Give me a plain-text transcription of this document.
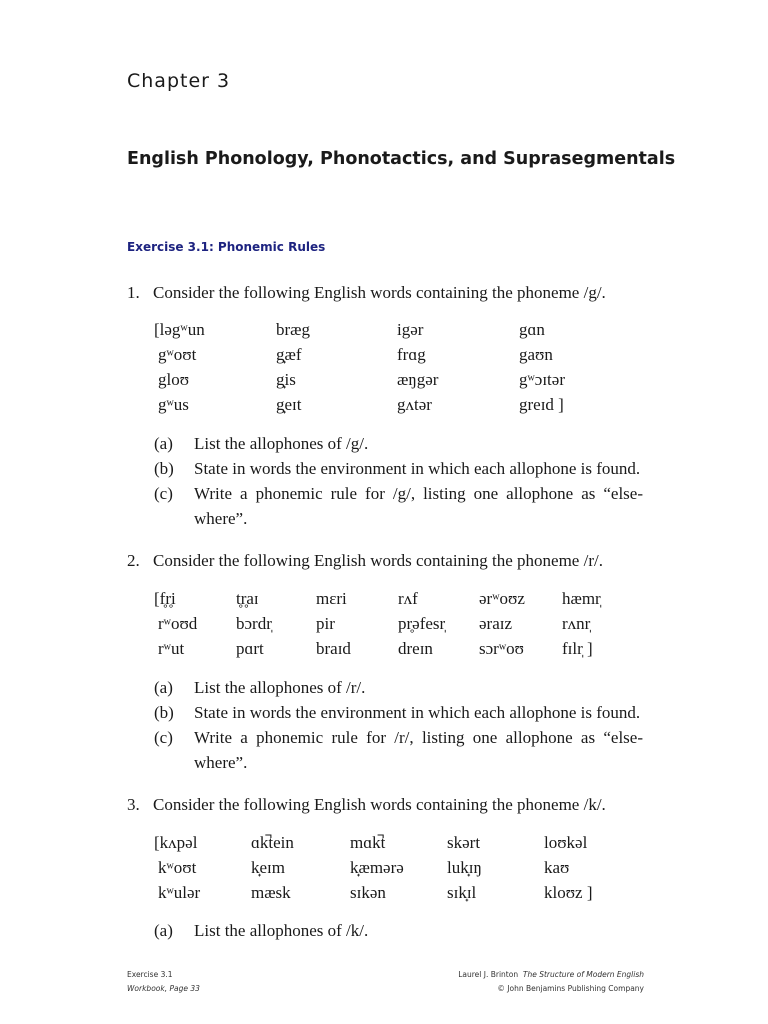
Chapter 3
English Phonology, Phonotactics, and Suprasegmentals
Exercise 3.1: Phonemic Rules
1. Consider the following English words containing the phoneme /g/.
[ləgʷun	bræg	igər	gɑn
gʷoʊt	g̟æf	frɑg	gaʊn
gloʊ	g̟is	æŋgər	gʷɔɪtər
gʷus	g̟eɪt	gʌtər	greɪd ]
(a) List the allophones of /g/.
(b) State in words the environment in which each allophone is found.
(c) Write a phonemic rule for /g/, listing one allophone as “else-
where”.
2. Consider the following English words containing the phoneme /r/.
[f̥r̥i	t̥r̥aɪ	mɛri	rʌf	ərʷoʊz hæmr̩
rʷoʊd bɔrdr̩	pir	pr̥əfesr̩ əraɪz	rʌnr̩
rʷut	pɑrt	braɪd	dreɪn	sɔrʷoʊ fɪlr̩ ]
(a) List the allophones of /r/.
(b) State in words the environment in which each allophone is found.
(c) Write a phonemic rule for /r/, listing one allophone as “else-
where”.
3. Consider the following English words containing the phoneme /k/.
[kʌpəl	ɑk̚tein	mɑk̚t	skərt	loʊkəl
kʷoʊt	k̟eɪm	k̟æmərə	luk̟ɪŋ	kaʊ
kʷulər	mæsk	sɪkən	sɪk̟ɪl	kloʊz ]
(a) List the allophones of /k/.
Exercise 3.1
Workbook, Page 33
Laurel J. Brinton The Structure of Modern English
© John Benjamins Publishing Company
